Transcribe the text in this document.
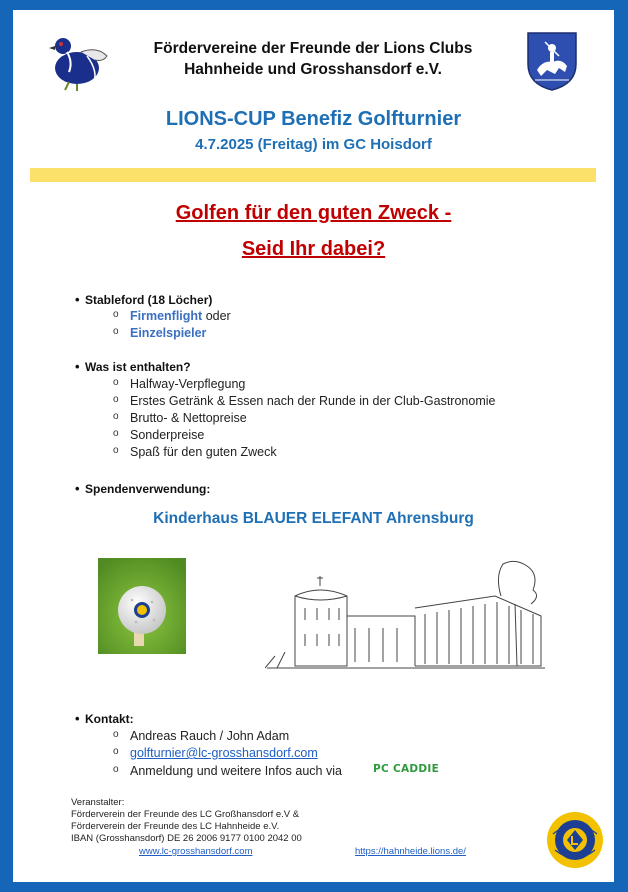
Fördervereine der Freunde der Lions Clubs
Hahnheide und Grosshansdorf e.V.
LIONS-CUP Benefiz Golfturnier
4.7.2025 (Freitag) im GC Hoisdorf
Golfen für den guten Zweck -
Seid Ihr dabei?
• Stableford (18 Löcher)
o Firmenflight oder
o Einzelspieler
• Was ist enthalten?
o Halfway-Verpflegung
o Erstes Getränk & Essen nach der Runde in der Club-Gastronomie
o Brutto- & Nettopreise
o Sonderpreise
o Spaß für den guten Zweck
• Spendenverwendung:
Kinderhaus BLAUER ELEFANT Ahrensburg
• Kontakt:
o Andreas Rauch / John Adam
o golfturnier@lc-grosshansdorf.com
o Anmeldung und weitere Infos auch via	PC CADDIE
Veranstalter:
Förderverein der Freunde des LC Großhansdorf e.V &
Förderverein der Freunde des LC Hahnheide e.V.
IBAN (Grosshansdorf) DE 26 2006 9177 0100 2042 00
www.lc-grosshansdorf.com	https://hahnheide.lions.de/
